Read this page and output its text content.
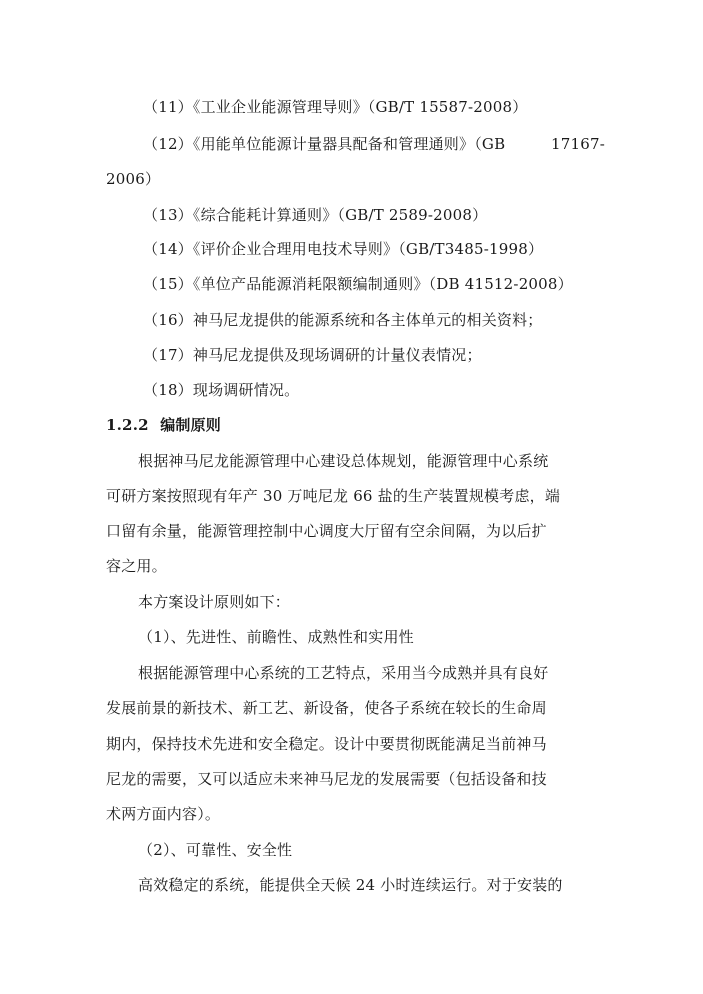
（11）《工业企业能源管理导则》（GB/T 15587-2008）
（12）《用能单位能源计量器具配备和管理通则》（GB	17167-
2006）
（13）《综合能耗计算通则》（GB/T 2589-2008）
（14）《评价企业合理用电技术导则》（GB/T3485-1998）
（15）《单位产品能源消耗限额编制通则》（DB 41512-2008）
（16）神马尼龙提供的能源系统和各主体单元的相关资料；
（17）神马尼龙提供及现场调研的计量仪表情况；
（18）现场调研情况。
1.2.2 编制原则
根据神马尼龙能源管理中心建设总体规划，能源管理中心系统
可研方案按照现有年产 30 万吨尼龙 66 盐的生产装置规模考虑，端
口留有余量，能源管理控制中心调度大厅留有空余间隔，为以后扩
容之用。
本方案设计原则如下：
（1）、先进性、前瞻性、成熟性和实用性
根据能源管理中心系统的工艺特点，采用当今成熟并具有良好
发展前景的新技术、新工艺、新设备，使各子系统在较长的生命周
期内，保持技术先进和安全稳定。设计中要贯彻既能满足当前神马
尼龙的需要，又可以适应未来神马尼龙的发展需要（包括设备和技
术两方面内容）。
（2）、可靠性、安全性
高效稳定的系统，能提供全天候 24 小时连续运行。对于安装的
